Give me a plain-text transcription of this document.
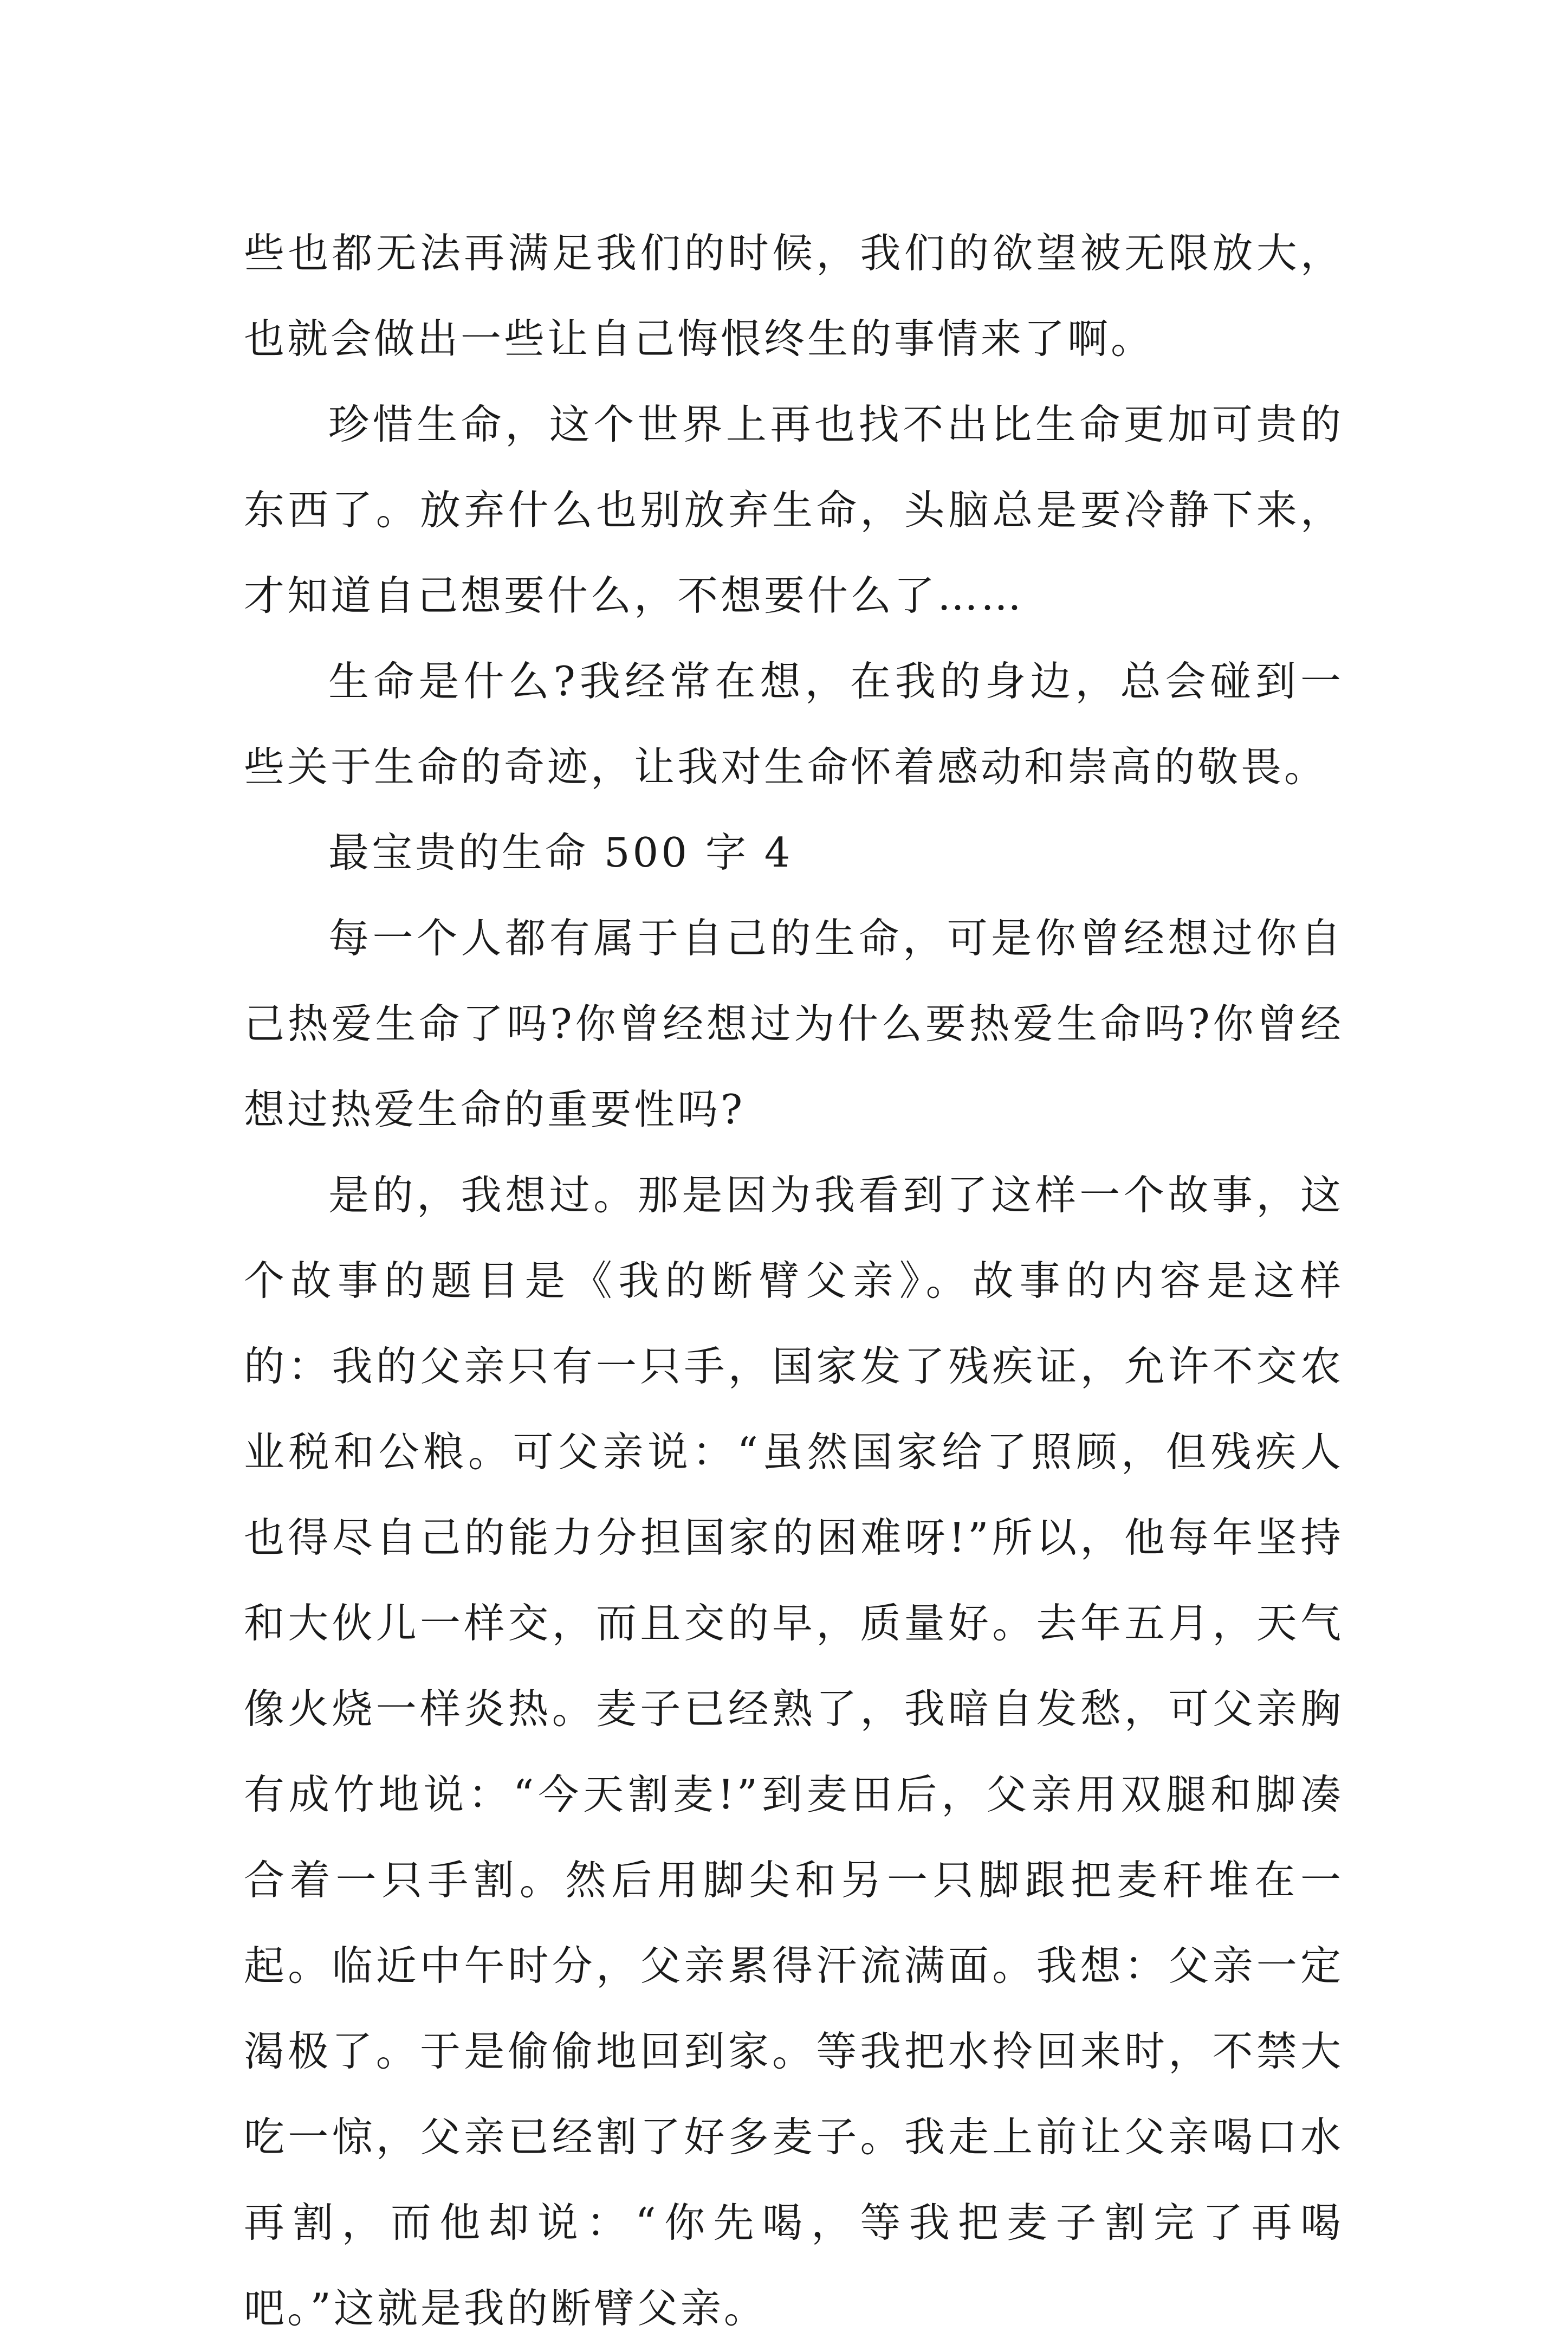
些也都无法再满足我们的时候，我们的欲望被无限放大，也就会做出一些让自己悔恨终生的事情来了啊。

珍惜生命，这个世界上再也找不出比生命更加可贵的东西了。放弃什么也别放弃生命，头脑总是要冷静下来，才知道自己想要什么，不想要什么了……

生命是什么?我经常在想，在我的身边，总会碰到一些关于生命的奇迹，让我对生命怀着感动和崇高的敬畏。

最宝贵的生命 500 字 4

每一个人都有属于自己的生命，可是你曾经想过你自己热爱生命了吗?你曾经想过为什么要热爱生命吗?你曾经想过热爱生命的重要性吗?

是的，我想过。那是因为我看到了这样一个故事，这个故事的题目是《我的断臂父亲》。故事的内容是这样的：我的父亲只有一只手，国家发了残疾证，允许不交农业税和公粮。可父亲说：“虽然国家给了照顾，但残疾人也得尽自己的能力分担国家的困难呀!”所以，他每年坚持和大伙儿一样交，而且交的早，质量好。去年五月，天气像火烧一样炎热。麦子已经熟了，我暗自发愁，可父亲胸有成竹地说：“今天割麦!”到麦田后，父亲用双腿和脚凑合着一只手割。然后用脚尖和另一只脚跟把麦秆堆在一起。临近中午时分，父亲累得汗流满面。我想：父亲一定渴极了。于是偷偷地回到家。等我把水拎回来时，不禁大吃一惊，父亲已经割了好多麦子。我走上前让父亲喝口水再割，而他却说：“你先喝，等我把麦子割完了再喝吧。”这就是我的断臂父亲。
